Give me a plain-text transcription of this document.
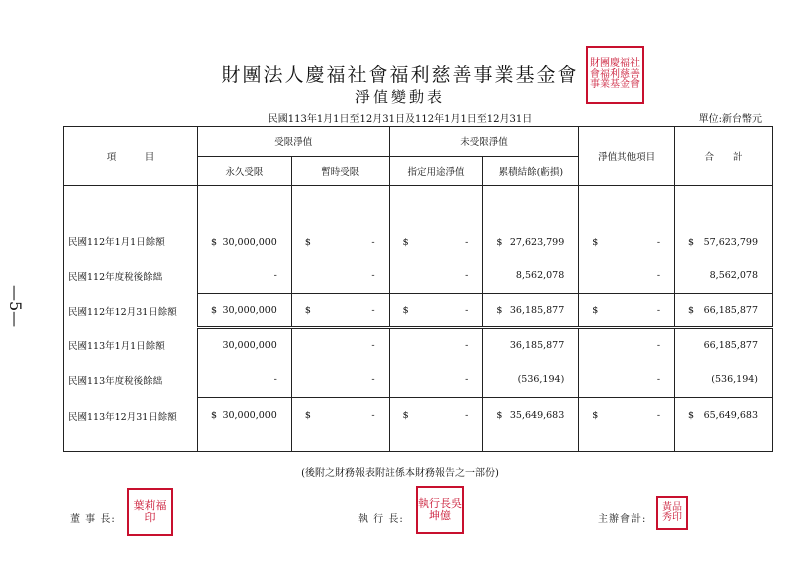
財團法人慶福社會福利慈善事業基金會
淨值變動表
民國113年1月1日至12月31日及112年1月1日至12月31日	單位:新台幣元
—5—
財團慶福社會福利慈善事業基金會
項　　　目	受限淨值		未受限淨值		淨值其他項目	合　　計
	永久受限	暫時受限	指定用途淨值	累積結餘(虧損)		
民國112年1月1日餘額	$ 30,000,000	$ -	$ -	$ 27,623,799	$ -	$ 57,623,799

民國112年度稅後餘絀	-	-	-	8,562,078	-	8,562,078

民國112年12月31日餘額	$ 30,000,000	$ -	$ -	$ 36,185,877	$ -	$ 66,185,877

民國113年1月1日餘額	30,000,000	-	-	36,185,877	-	66,185,877

民國113年度稅後餘絀	-	-	-	(536,194)	-	(536,194)

民國113年12月31日餘額	$ 30,000,000	$ -	$ -	$ 35,649,683	$ -	$ 65,649,683

(後附之財務報表附註係本財務報告之一部份)
董 事 長:
葉莉福印	執 行 長:
執行長吳坤億	主辦會計:
黃品秀印
